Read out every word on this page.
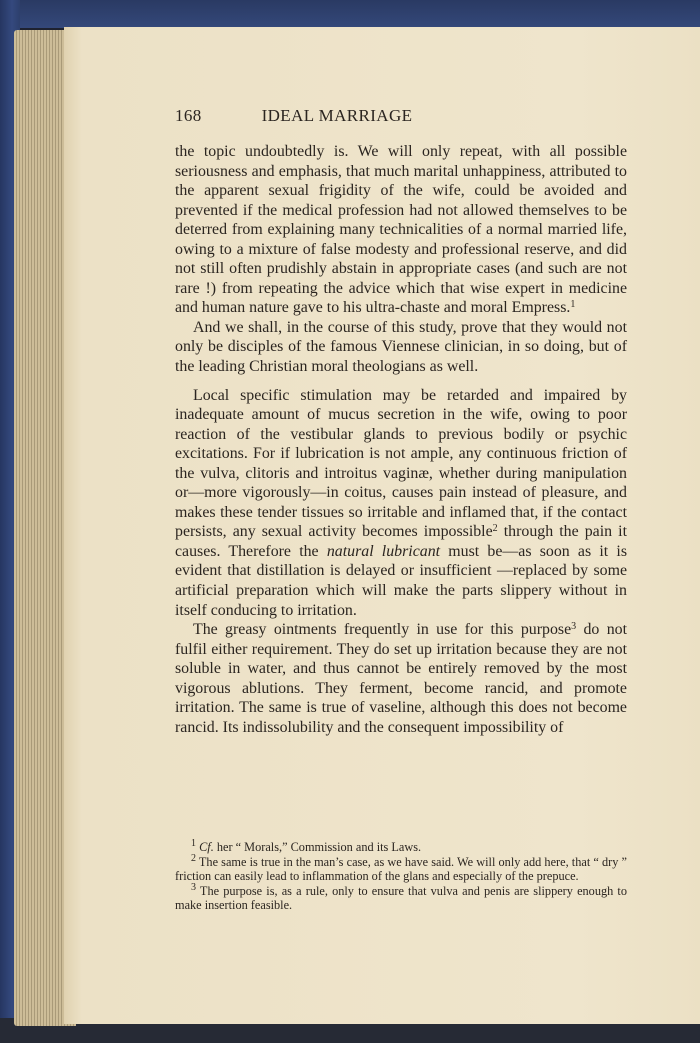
168	IDEAL MARRIAGE

the topic undoubtedly is. We will only repeat, with all possible seriousness and emphasis, that much marital unhappiness, attributed to the apparent sexual frigidity of the wife, could be avoided and prevented if the medical profession had not allowed themselves to be deterred from explaining many technicalities of a normal married life, owing to a mixture of false modesty and professional reserve, and did not still often prudishly abstain in appropriate cases (and such are not rare !) from repeating the advice which that wise expert in medicine and human nature gave to his ultra-chaste and moral Empress.$^1$

And we shall, in the course of this study, prove that they would not only be disciples of the famous Viennese clinician, in so doing, but of the leading Christian moral theologians as well.

Local specific stimulation may be retarded and impaired by inadequate amount of mucus secretion in the wife, owing to poor reaction of the vestibular glands to previous bodily or psychic excitations. For if lubrication is not ample, any continuous friction of the vulva, clitoris and introitus vaginæ, whether during manipulation or—more vigorously—in coitus, causes pain instead of pleasure, and makes these tender tissues so irritable and inflamed that, if the contact persists, any sexual activity becomes impossible$^2$ through the pain it causes. Therefore the natural lubricant must be—as soon as it is evident that distillation is delayed or insufficient —replaced by some artificial preparation which will make the parts slippery without in itself conducing to irritation.

The greasy ointments frequently in use for this purpose$^3$ do not fulfil either requirement. They do set up irritation because they are not soluble in water, and thus cannot be entirely removed by the most vigorous ablutions. They ferment, become rancid, and promote irritation. The same is true of vaseline, although this does not become rancid. Its indissolubility and the consequent impossibility of

$^1$ Cf. her “ Morals,” Commission and its Laws.

$^2$ The same is true in the man’s case, as we have said. We will only add here, that “ dry ” friction can easily lead to inflammation of the glans and especially of the prepuce.

$^3$ The purpose is, as a rule, only to ensure that vulva and penis are slippery enough to make insertion feasible.
